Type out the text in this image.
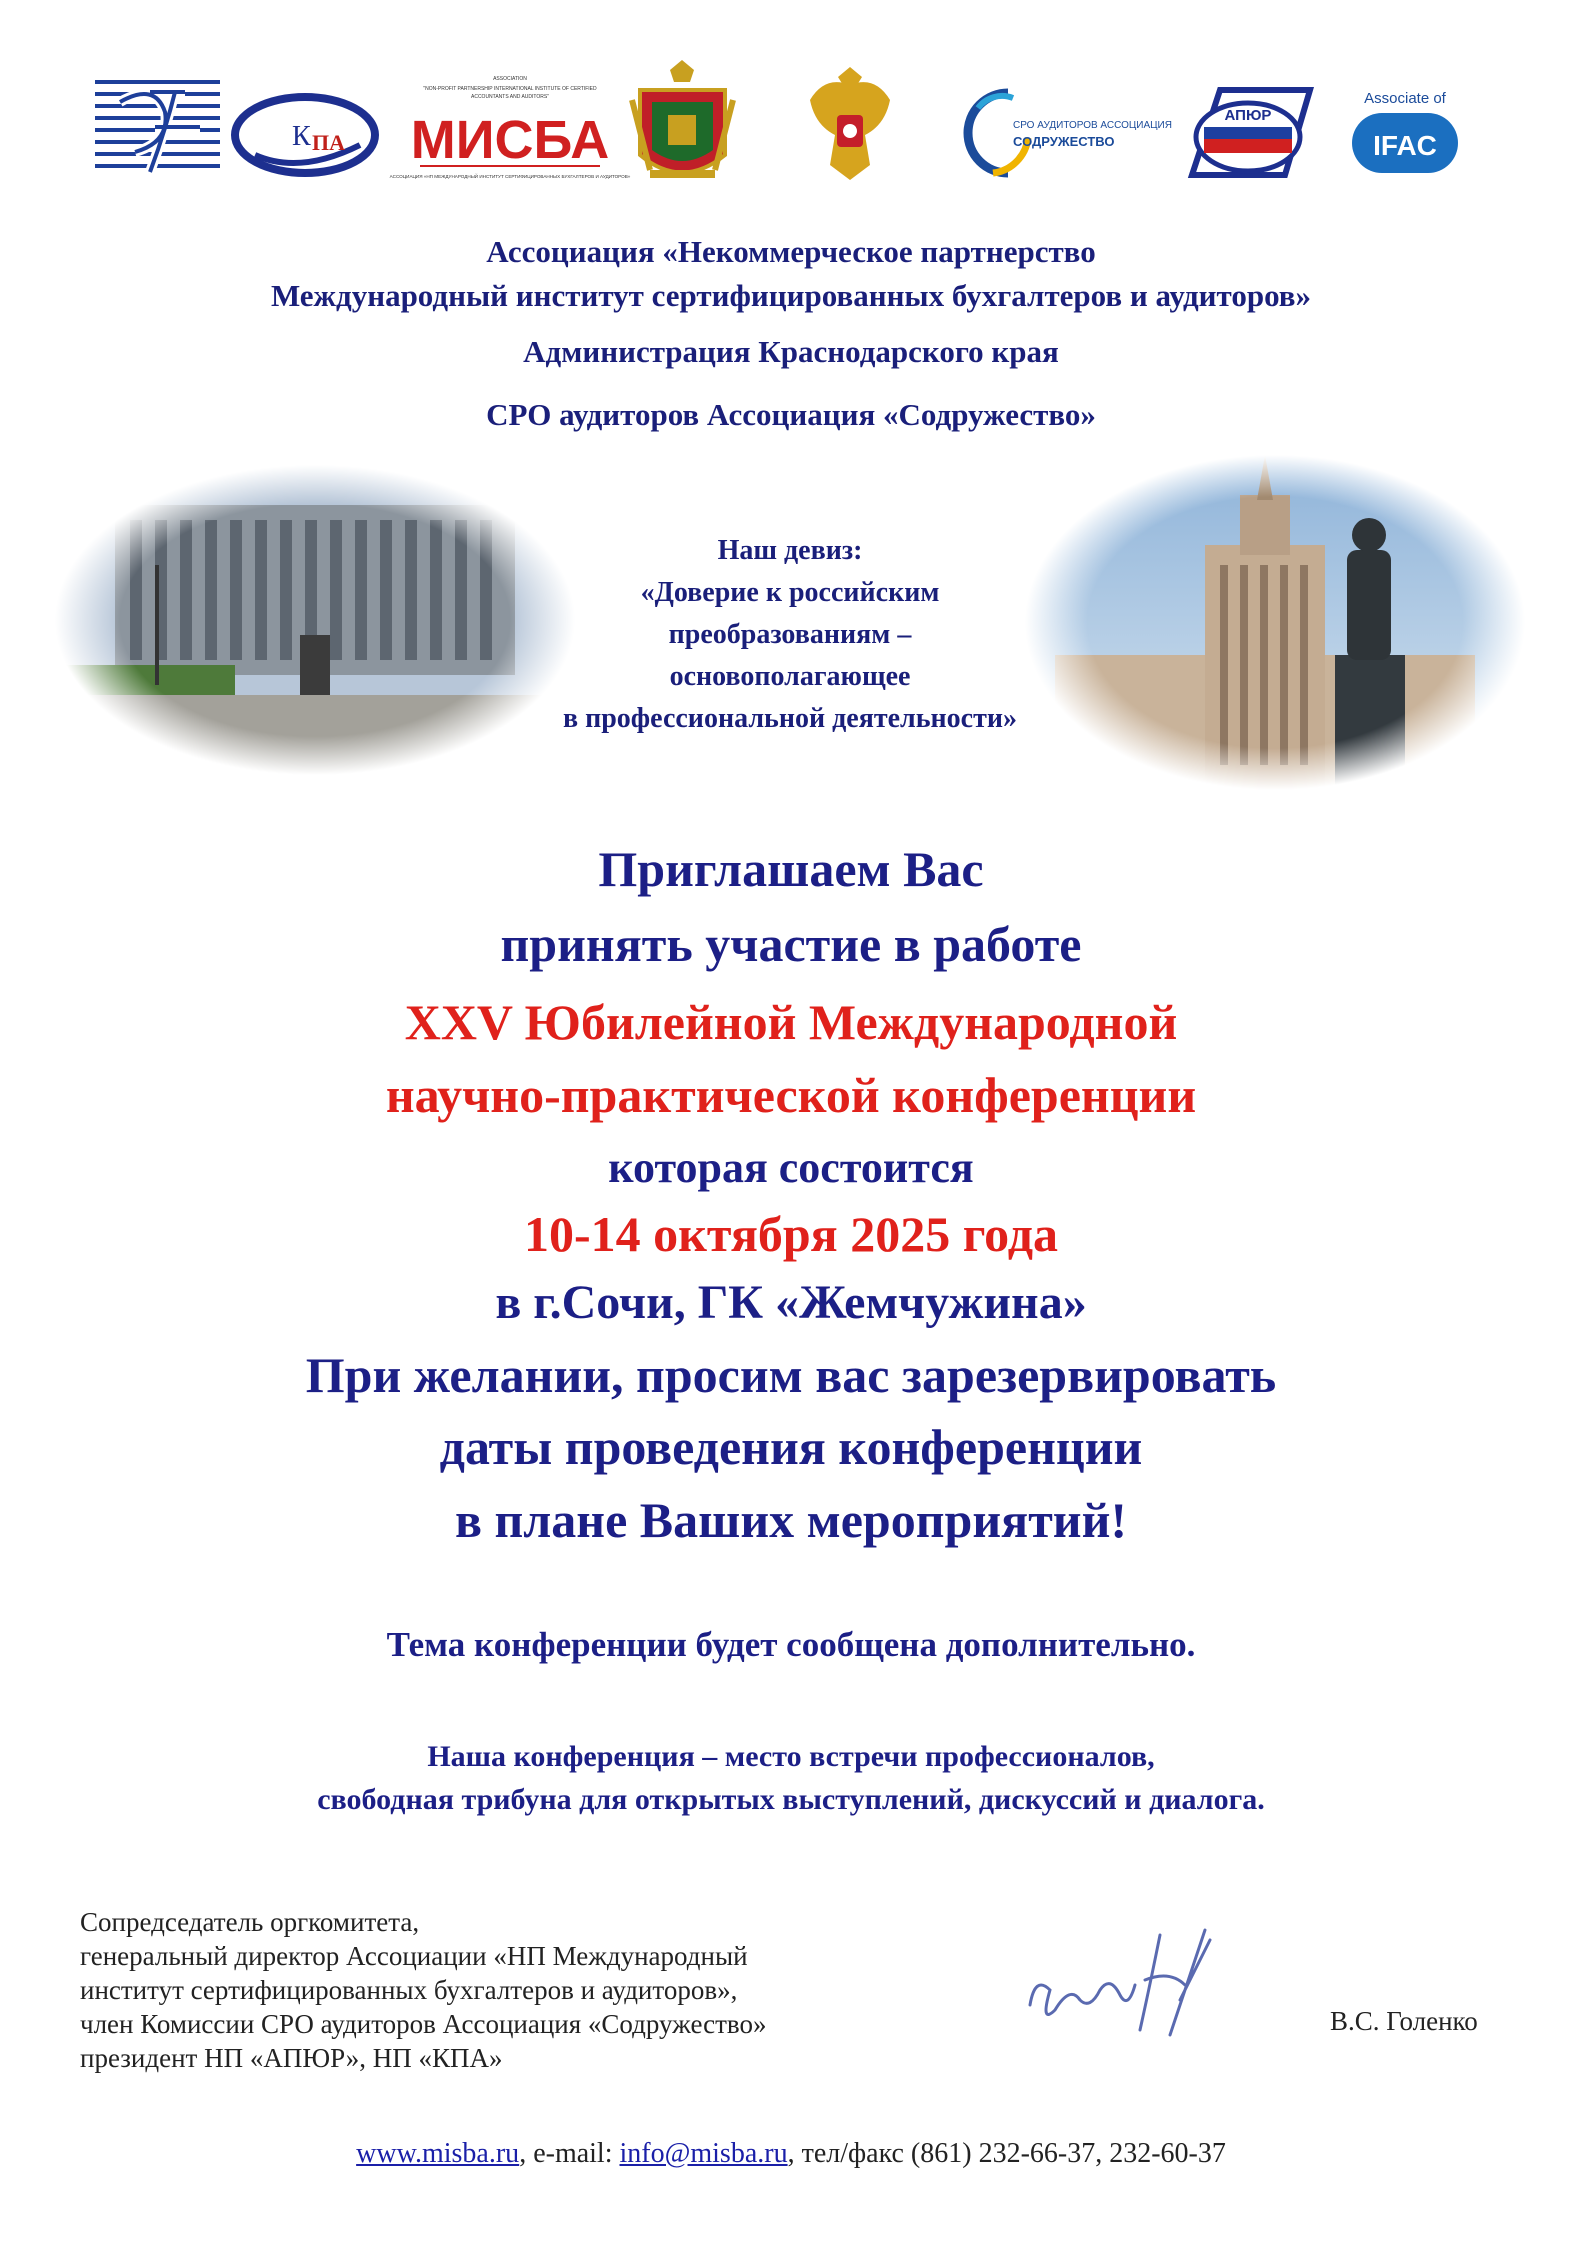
К ПА
ASSOCIATION
"NON-PROFIT PARTNERSHIP INTERNATIONAL INSTITUTE OF CERTIFIED
ACCOUNTANTS AND AUDITORS"
МИСБА
АССОЦИАЦИЯ «НП МЕЖДУНАРОДНЫЙ ИНСТИТУТ СЕРТИФИЦИРОВАННЫХ БУХГАЛТЕРОВ И АУДИТОРОВ»
СРО АУДИТОРОВ АССОЦИАЦИЯ
СОДРУЖЕСТВО
АПЮР
Associate of
IFAC
Ассоциация «Некоммерческое партнерство
Международный институт сертифицированных бухгалтеров и аудиторов»
Администрация Краснодарского края
СРО аудиторов Ассоциация «Содружество»
Наш девиз:
«Доверие к российским
преобразованиям –
основополагающее
в профессиональной деятельности»
Приглашаем Вас
принять участие в работе
XXV Юбилейной Международной
научно-практической конференции
которая состоится
10-14 октября 2025 года
в г.Сочи, ГК «Жемчужина»
При желании, просим вас зарезервировать
даты проведения конференции
в плане Ваших мероприятий!
Тема конференции будет сообщена дополнительно.
Наша конференция – место встречи профессионалов,
свободная трибуна для открытых выступлений, дискуссий и диалога.
Сопредседатель оргкомитета,
генеральный директор Ассоциации «НП Международный
институт сертифицированных бухгалтеров и аудиторов»,
член Комиссии СРО аудиторов Ассоциация «Содружество»
президент НП «АПЮР», НП «КПА»
В.С. Голенко
www.misba.ru, e-mail: info@misba.ru, тел/факс (861) 232-66-37, 232-60-37
